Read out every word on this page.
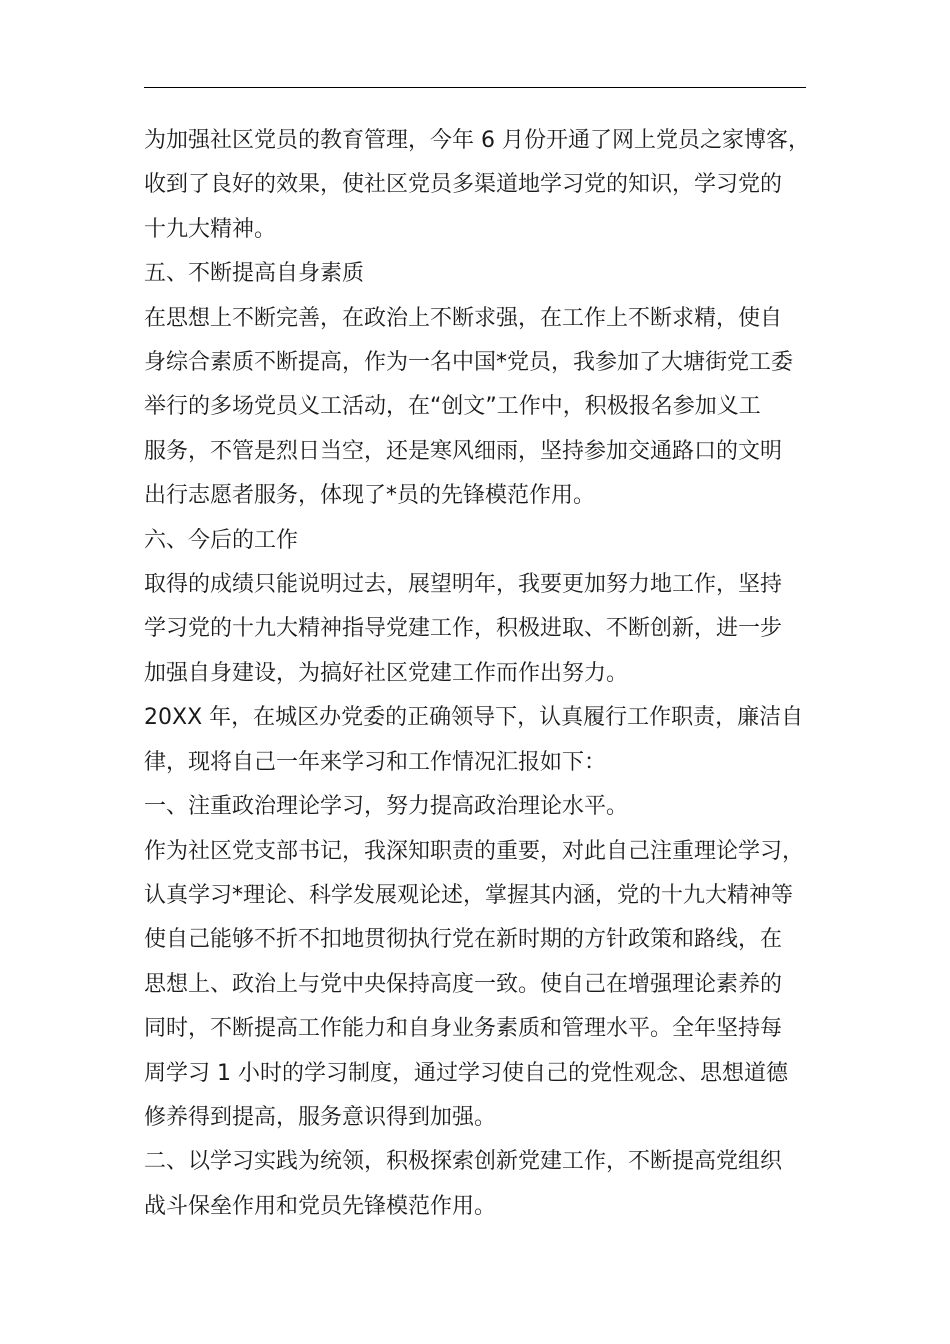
为加强社区党员的教育管理，今年 6 月份开通了网上党员之家博客，
收到了良好的效果，使社区党员多渠道地学习党的知识，学习党的
十九大精神。
五、不断提高自身素质
在思想上不断完善，在政治上不断求强，在工作上不断求精，使自
身综合素质不断提高，作为一名中国*党员，我参加了大塘街党工委
举行的多场党员义工活动，在“创文”工作中，积极报名参加义工
服务，不管是烈日当空，还是寒风细雨，坚持参加交通路口的文明
出行志愿者服务，体现了*员的先锋模范作用。
六、今后的工作
取得的成绩只能说明过去，展望明年，我要更加努力地工作，坚持
学习党的十九大精神指导党建工作，积极进取、不断创新，进一步
加强自身建设，为搞好社区党建工作而作出努力。
20XX 年，在城区办党委的正确领导下，认真履行工作职责，廉洁自
律，现将自己一年来学习和工作情况汇报如下：
一、注重政治理论学习，努力提高政治理论水平。
作为社区党支部书记，我深知职责的重要，对此自己注重理论学习，
认真学习*理论、科学发展观论述，掌握其内涵，党的十九大精神等
使自己能够不折不扣地贯彻执行党在新时期的方针政策和路线，在
思想上、政治上与党中央保持高度一致。使自己在增强理论素养的
同时，不断提高工作能力和自身业务素质和管理水平。全年坚持每
周学习 1 小时的学习制度，通过学习使自己的党性观念、思想道德
修养得到提高，服务意识得到加强。
二、以学习实践为统领，积极探索创新党建工作，不断提高党组织
战斗保垒作用和党员先锋模范作用。
